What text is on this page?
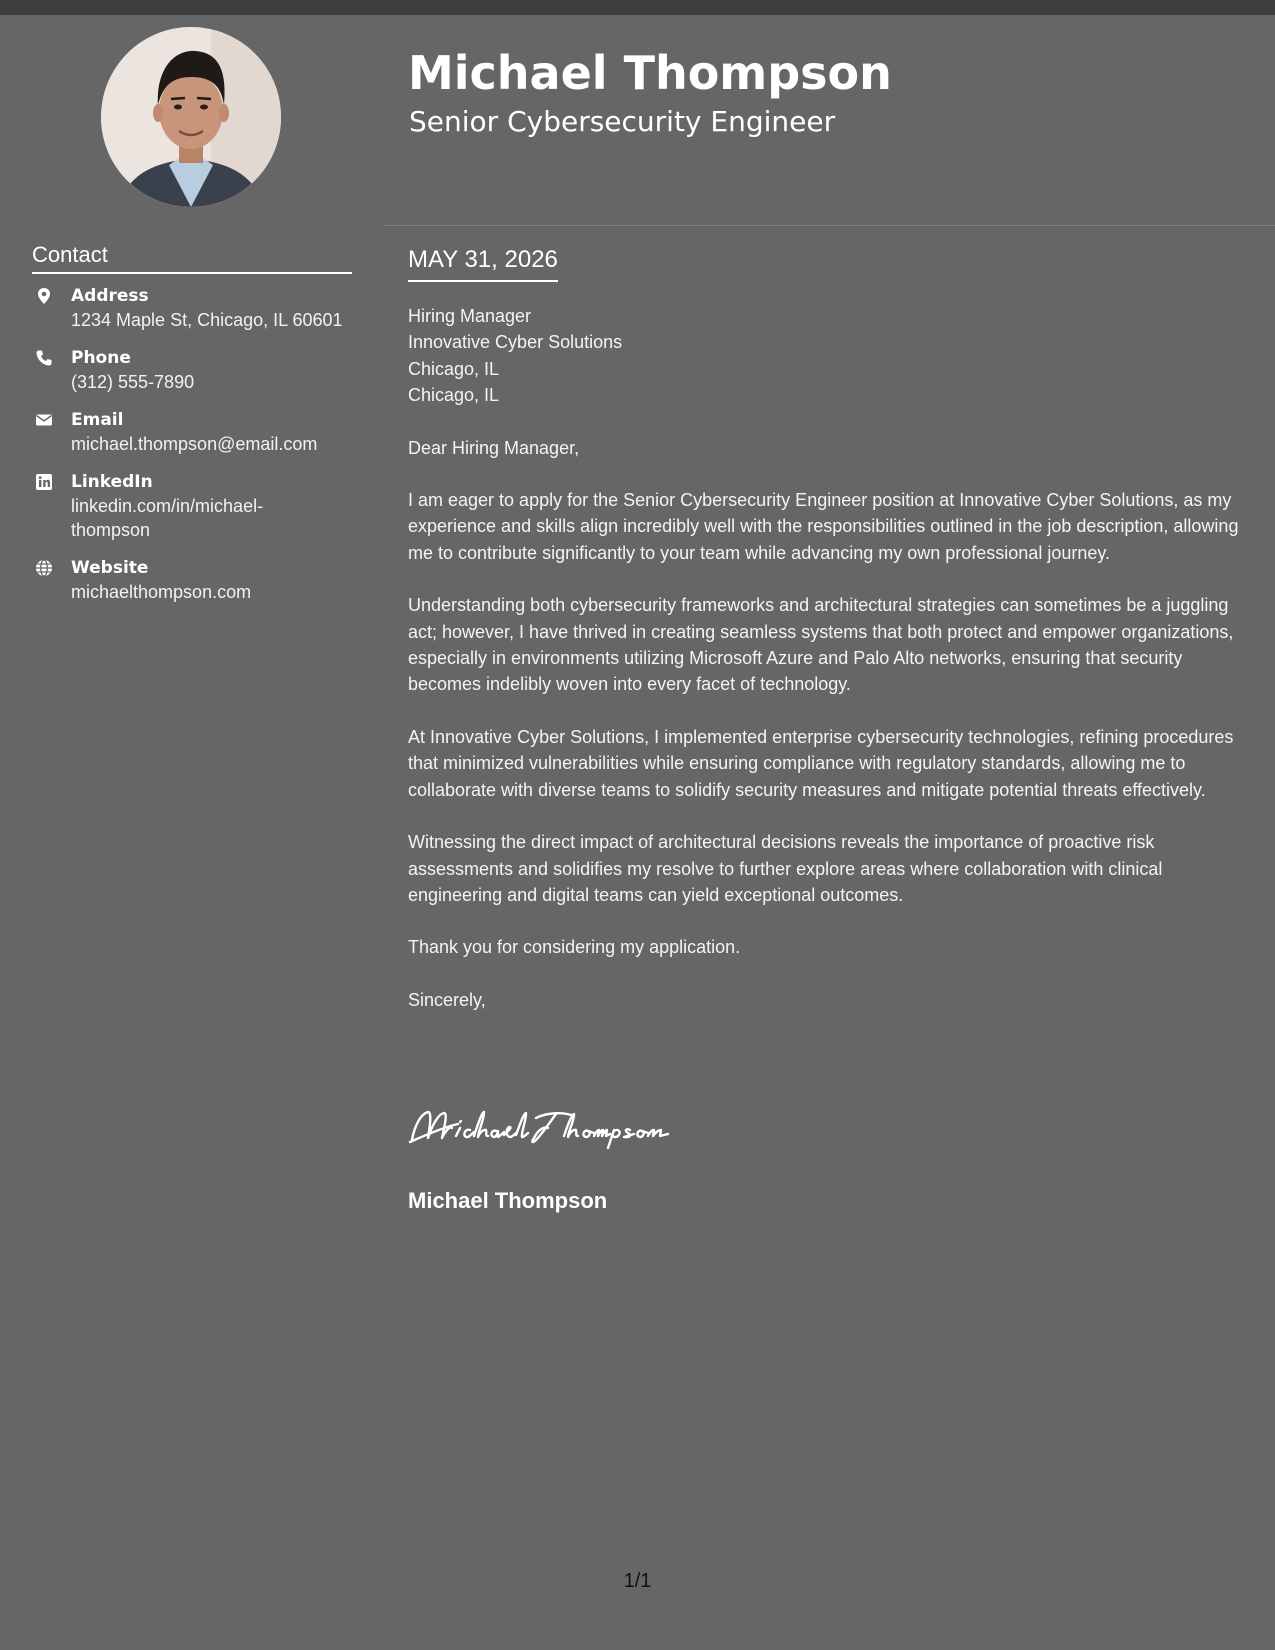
Michael Thompson
Senior Cybersecurity Engineer
Contact
Address
1234 Maple St, Chicago, IL 60601
Phone
(312) 555-7890
Email
michael.thompson@email.com
LinkedIn
linkedin.com/in/michael-thompson
Website
michaelthompson.com
MAY 31, 2026
Hiring Manager
Innovative Cyber Solutions
Chicago, IL
Chicago, IL

Dear Hiring Manager,

I am eager to apply for the Senior Cybersecurity Engineer position at Innovative Cyber Solutions, as my experience and skills align incredibly well with the responsibilities outlined in the job description, allowing me to contribute significantly to your team while advancing my own professional journey.

Understanding both cybersecurity frameworks and architectural strategies can sometimes be a juggling act; however, I have thrived in creating seamless systems that both protect and empower organizations, especially in environments utilizing Microsoft Azure and Palo Alto networks, ensuring that security becomes indelibly woven into every facet of technology.

At Innovative Cyber Solutions, I implemented enterprise cybersecurity technologies, refining procedures that minimized vulnerabilities while ensuring compliance with regulatory standards, allowing me to collaborate with diverse teams to solidify security measures and mitigate potential threats effectively.

Witnessing the direct impact of architectural decisions reveals the importance of proactive risk assessments and solidifies my resolve to further explore areas where collaboration with clinical engineering and digital teams can yield exceptional outcomes.

Thank you for considering my application.

Sincerely,

Michael Thompson
1/1
